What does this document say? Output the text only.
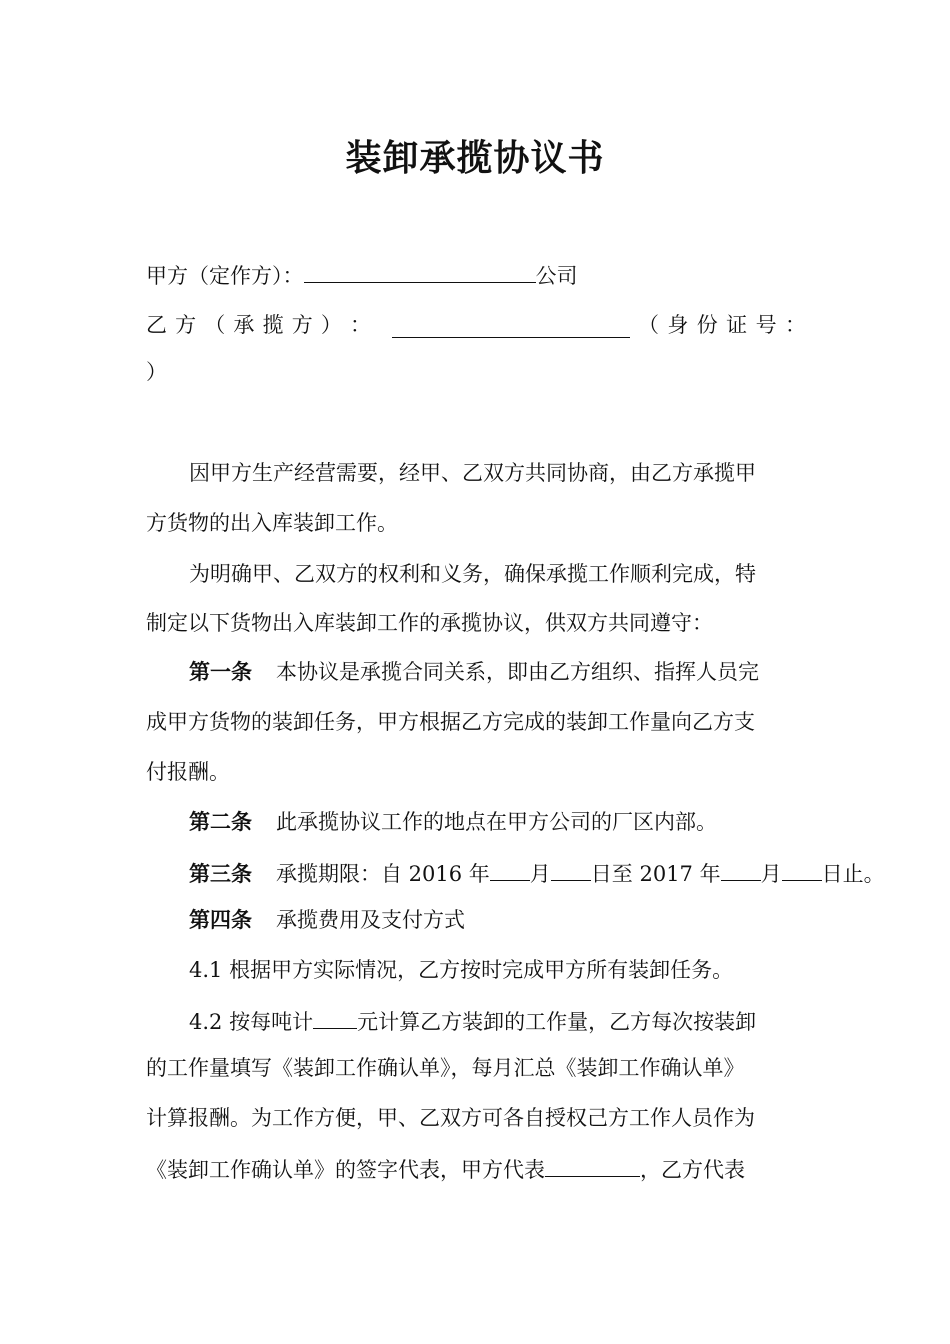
装卸承揽协议书
甲方（定作方）：	公司
乙 方 （ 承 揽 方 ） ：	（ 身 份 证 号 ：
）
因甲方生产经营需要，经甲、乙双方共同协商，由乙方承揽甲
方货物的出入库装卸工作。
为明确甲、乙双方的权利和义务，确保承揽工作顺利完成，特
制定以下货物出入库装卸工作的承揽协议，供双方共同遵守：
第一条 本协议是承揽合同关系，即由乙方组织、指挥人员完
成甲方货物的装卸任务，甲方根据乙方完成的装卸工作量向乙方支
付报酬。
第二条 此承揽协议工作的地点在甲方公司的厂区内部。
第三条 承揽期限：自 2016 年 月 日至 2017 年 月 日止。
第四条 承揽费用及支付方式
4.1 根据甲方实际情况，乙方按时完成甲方所有装卸任务。
4.2 按每吨计 元计算乙方装卸的工作量，乙方每次按装卸
的工作量填写《装卸工作确认单》，每月汇总《装卸工作确认单》
计算报酬。为工作方便，甲、乙双方可各自授权己方工作人员作为
《装卸工作确认单》的签字代表，甲方代表	，乙方代表
